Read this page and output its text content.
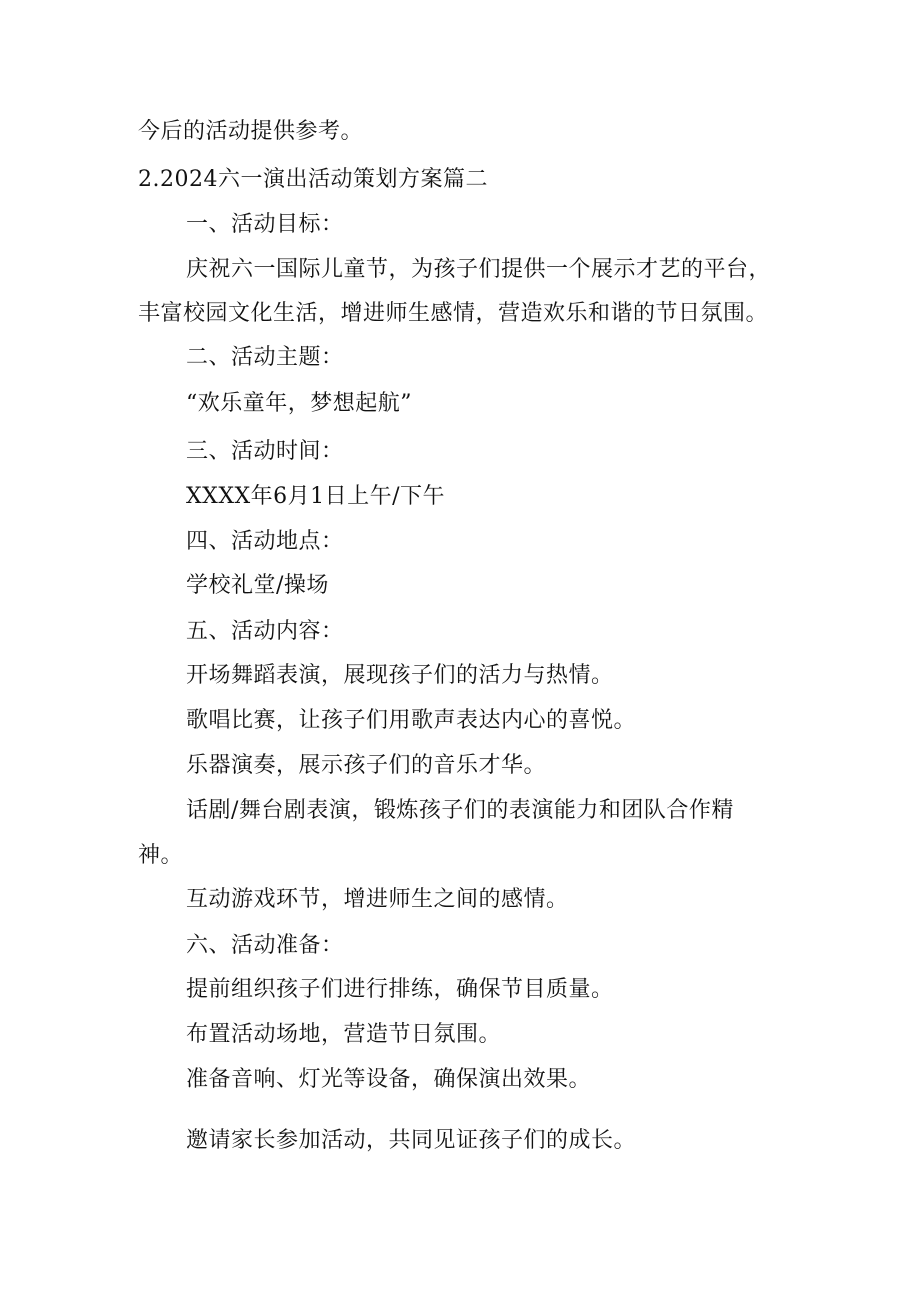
今后的活动提供参考。
2.2024六一演出活动策划方案篇二
一、活动目标：
庆祝六一国际儿童节，为孩子们提供一个展示才艺的平台，
丰富校园文化生活，增进师生感情，营造欢乐和谐的节日氛围。
二、活动主题：
“欢乐童年，梦想起航”
三、活动时间：
XXXX年6月1日上午/下午
四、活动地点：
学校礼堂/操场
五、活动内容：
开场舞蹈表演，展现孩子们的活力与热情。
歌唱比赛，让孩子们用歌声表达内心的喜悦。
乐器演奏，展示孩子们的音乐才华。
话剧/舞台剧表演，锻炼孩子们的表演能力和团队合作精
神。
互动游戏环节，增进师生之间的感情。
六、活动准备：
提前组织孩子们进行排练，确保节目质量。
布置活动场地，营造节日氛围。
准备音响、灯光等设备，确保演出效果。
邀请家长参加活动，共同见证孩子们的成长。
